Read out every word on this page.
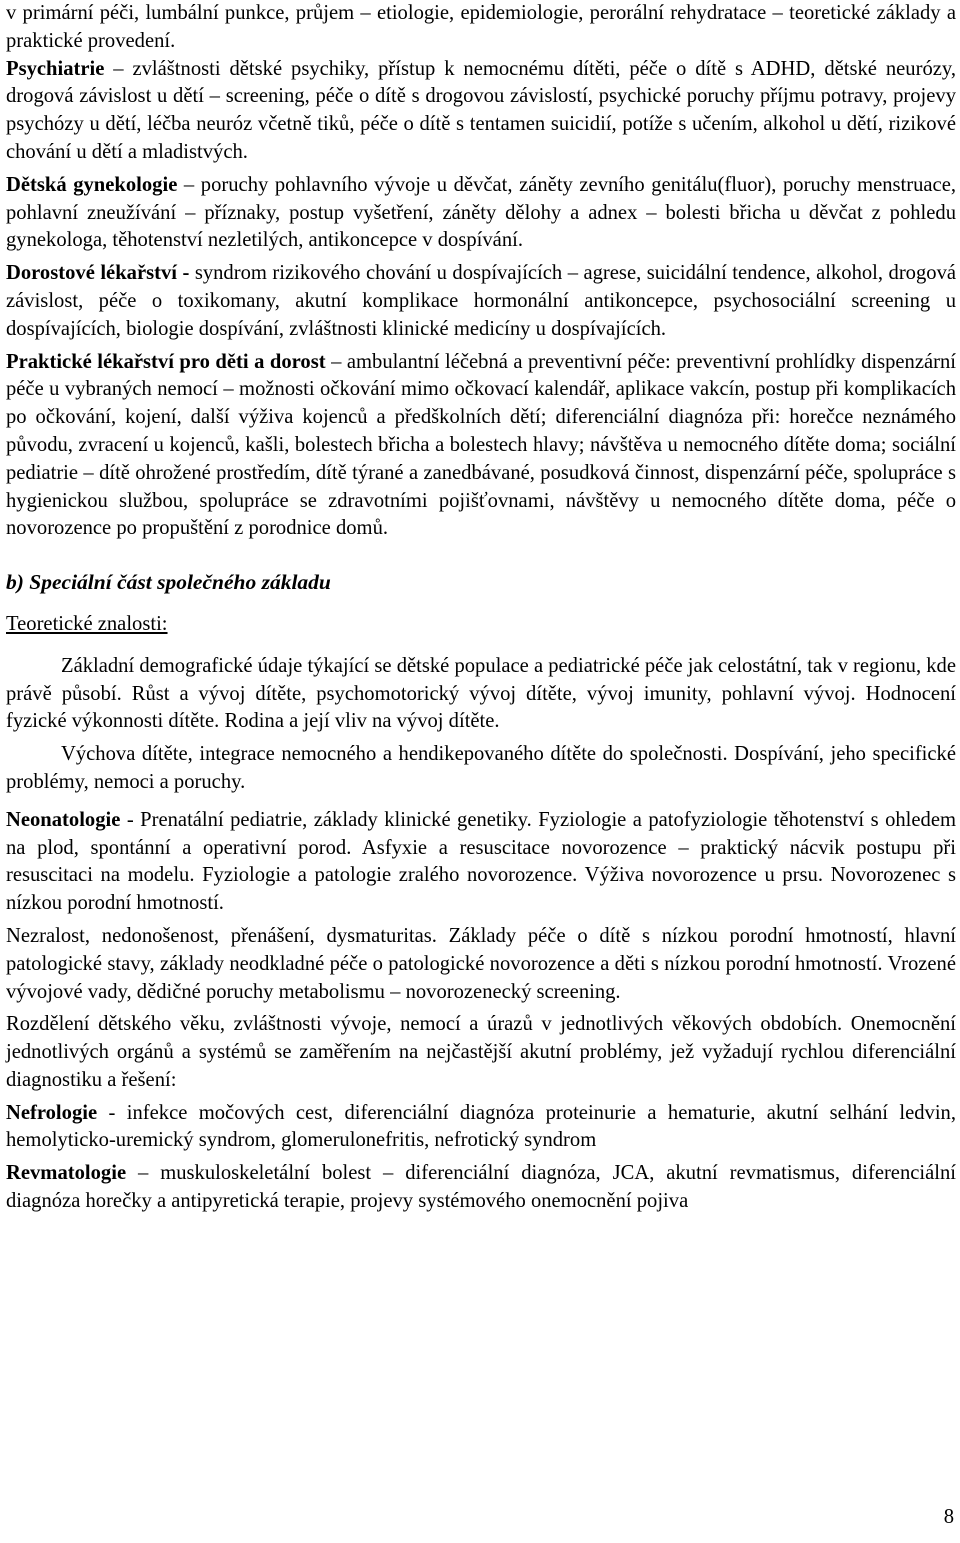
v primární péči, lumbální punkce, průjem – etiologie, epidemiologie, perorální rehydratace – teoretické základy a praktické provedení.

Psychiatrie – zvláštnosti dětské psychiky, přístup k nemocnému dítěti, péče o dítě s ADHD, dětské neurózy, drogová závislost u dětí – screening, péče o dítě s drogovou závislostí, psychické poruchy příjmu potravy, projevy psychózy u dětí, léčba neuróz včetně tiků, péče o dítě s tentamen suicidií, potíže s učením, alkohol u dětí, rizikové chování u dětí a mladistvých.

Dětská gynekologie – poruchy pohlavního vývoje u děvčat, záněty zevního genitálu(fluor), poruchy menstruace, pohlavní zneužívání – příznaky, postup vyšetření, záněty dělohy a adnex – bolesti břicha u děvčat z pohledu gynekologa, těhotenství nezletilých, antikoncepce v dospívání.

Dorostové lékařství - syndrom rizikového chování u dospívajících – agrese, suicidální tendence, alkohol, drogová závislost, péče o toxikomany, akutní komplikace hormonální antikoncepce, psychosociální screening u dospívajících, biologie dospívání, zvláštnosti klinické medicíny u dospívajících.

Praktické lékařství pro děti a dorost – ambulantní léčebná a preventivní péče: preventivní prohlídky dispenzární péče u vybraných nemocí – možnosti očkování mimo očkovací kalendář, aplikace vakcín, postup při komplikacích po očkování, kojení, další výživa kojenců a předškolních dětí; diferenciální diagnóza při: horečce neznámého původu, zvracení u kojenců, kašli, bolestech břicha a bolestech hlavy; návštěva u nemocného dítěte doma; sociální pediatrie – dítě ohrožené prostředím, dítě týrané a zanedbávané, posudková činnost, dispenzární péče, spolupráce s hygienickou službou, spolupráce se zdravotními pojišťovnami, návštěvy u nemocného dítěte doma, péče o novorozence po propuštění z porodnice domů.

b) Speciální část společného základu

Teoretické znalosti:

Základní demografické údaje týkající se dětské populace a pediatrické péče jak celostátní, tak v regionu, kde právě působí. Růst a vývoj dítěte, psychomotorický vývoj dítěte, vývoj imunity, pohlavní vývoj. Hodnocení fyzické výkonnosti dítěte. Rodina a její vliv na vývoj dítěte.

Výchova dítěte, integrace nemocného a hendikepovaného dítěte do společnosti. Dospívání, jeho specifické problémy, nemoci a poruchy.

Neonatologie - Prenatální pediatrie, základy klinické genetiky. Fyziologie a patofyziologie těhotenství s ohledem na plod, spontánní a operativní porod. Asfyxie a resuscitace novorozence – praktický nácvik postupu při resuscitaci na modelu. Fyziologie a patologie zralého novorozence. Výživa novorozence u prsu. Novorozenec s nízkou porodní hmotností.

Nezralost, nedonošenost, přenášení, dysmaturitas. Základy péče o dítě s nízkou porodní hmotností, hlavní patologické stavy, základy neodkladné péče o patologické novorozence a děti s nízkou porodní hmotností. Vrozené vývojové vady, dědičné poruchy metabolismu – novorozenecký screening.

Rozdělení dětského věku, zvláštnosti vývoje, nemocí a úrazů v jednotlivých věkových obdobích. Onemocnění jednotlivých orgánů a systémů se zaměřením na nejčastější akutní problémy, jež vyžadují rychlou diferenciální diagnostiku a řešení:

Nefrologie - infekce močových cest, diferenciální diagnóza proteinurie a hematurie, akutní selhání ledvin, hemolyticko-uremický syndrom, glomerulonefritis, nefrotický syndrom

Revmatologie – muskuloskeletální bolest – diferenciální diagnóza, JCA, akutní revmatismus, diferenciální diagnóza horečky a antipyretická terapie, projevy systémového onemocnění pojiva

8
